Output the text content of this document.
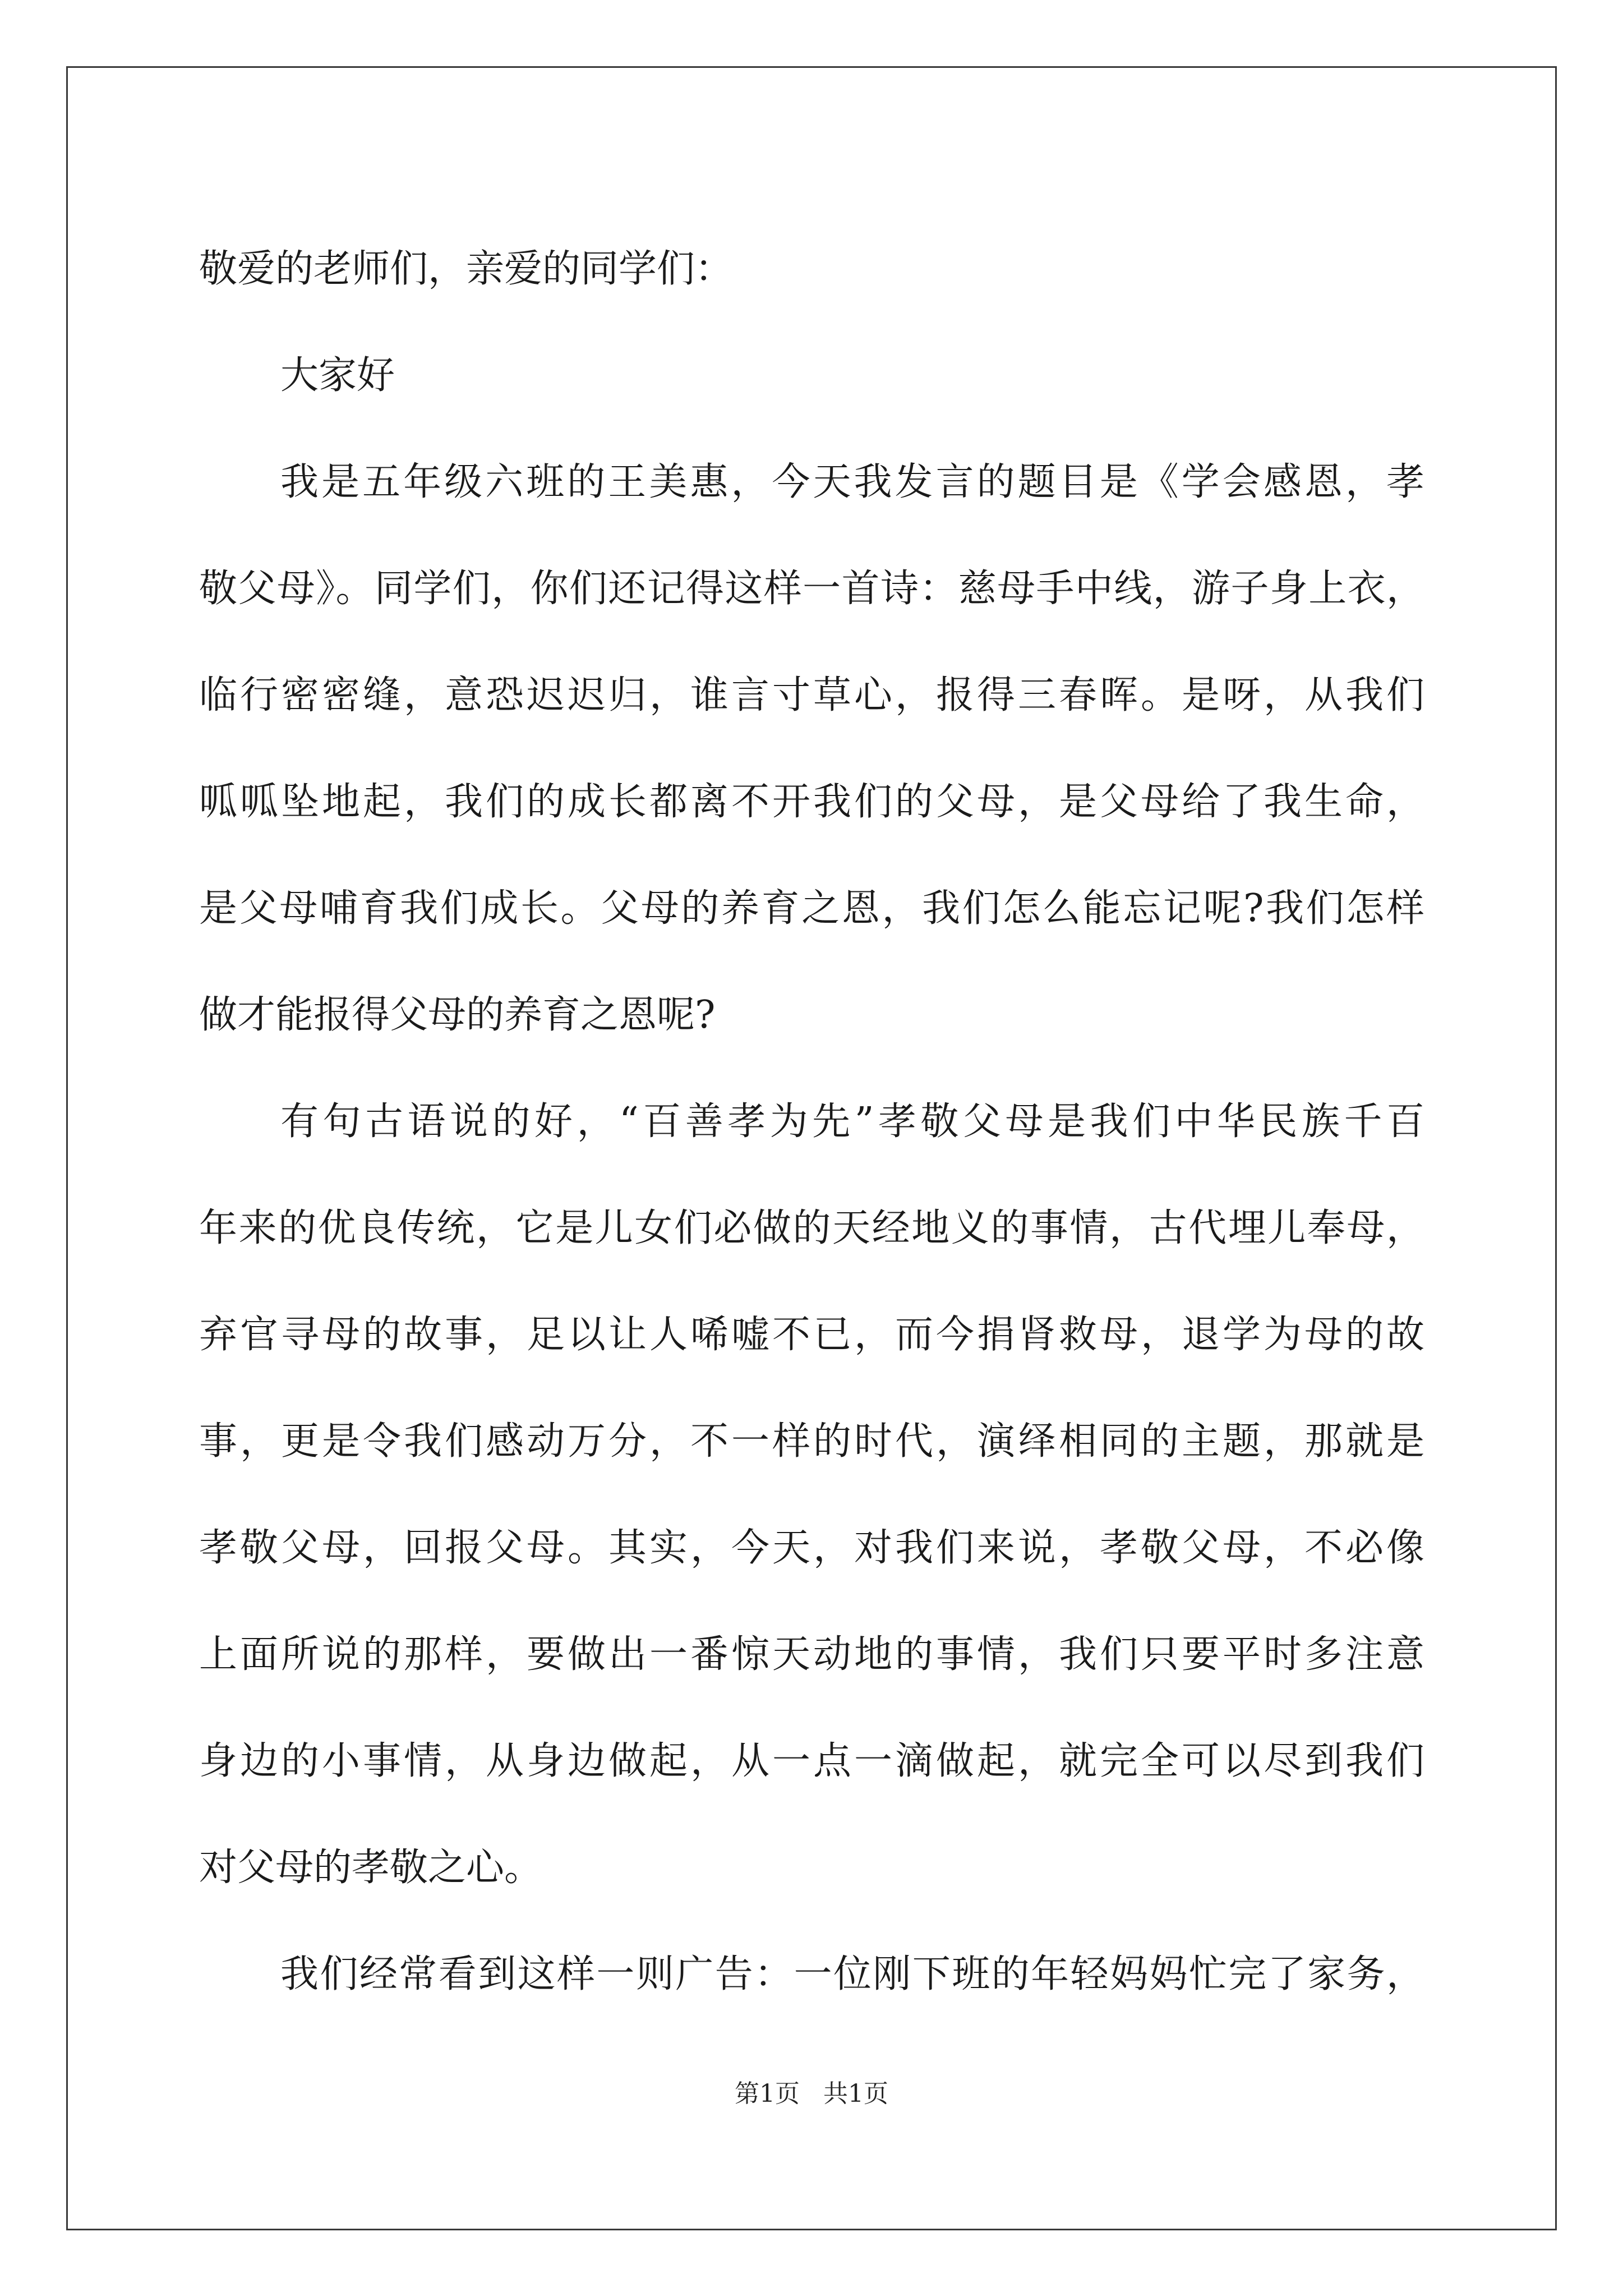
敬爱的老师们，亲爱的同学们：
大家好
我是五年级六班的王美惠，今天我发言的题目是《学会感恩，孝
敬父母》。同学们，你们还记得这样一首诗：慈母手中线，游子身上衣，
临行密密缝，意恐迟迟归，谁言寸草心，报得三春晖。是呀，从我们
呱呱坠地起，我们的成长都离不开我们的父母，是父母给了我生命，
是父母哺育我们成长。父母的养育之恩，我们怎么能忘记呢?我们怎样
做才能报得父母的养育之恩呢?
有句古语说的好，“百善孝为先”孝敬父母是我们中华民族千百
年来的优良传统，它是儿女们必做的天经地义的事情，古代埋儿奉母，
弃官寻母的故事，足以让人唏嘘不已，而今捐肾救母，退学为母的故
事，更是令我们感动万分，不一样的时代，演绎相同的主题，那就是
孝敬父母，回报父母。其实，今天，对我们来说，孝敬父母，不必像
上面所说的那样，要做出一番惊天动地的事情，我们只要平时多注意
身边的小事情，从身边做起，从一点一滴做起，就完全可以尽到我们
对父母的孝敬之心。
我们经常看到这样一则广告：一位刚下班的年轻妈妈忙完了家务，
第1页   共1页
